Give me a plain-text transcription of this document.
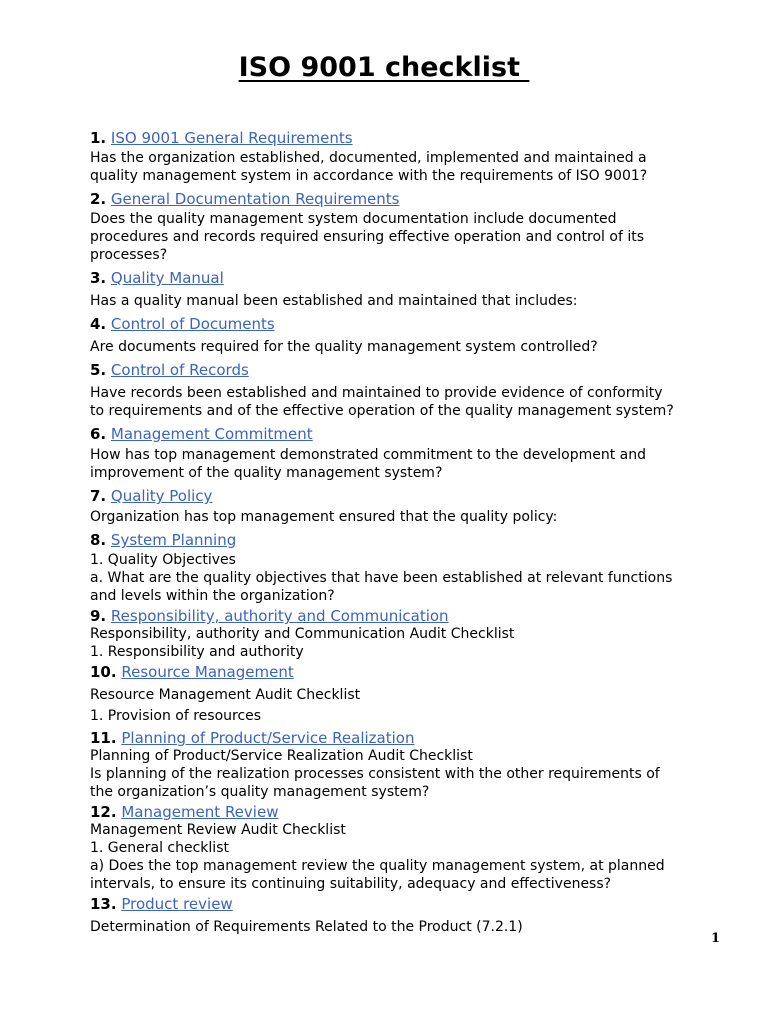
ISO 9001 checklist
1. ISO 9001 General Requirements
Has the organization established, documented, implemented and maintained a
quality management system in accordance with the requirements of ISO 9001?
2. General Documentation Requirements
Does the quality management system documentation include documented
procedures and records required ensuring effective operation and control of its
processes?
3. Quality Manual
Has a quality manual been established and maintained that includes:
4. Control of Documents
Are documents required for the quality management system controlled?
5. Control of Records
Have records been established and maintained to provide evidence of conformity
to requirements and of the effective operation of the quality management system?
6. Management Commitment
How has top management demonstrated commitment to the development and
improvement of the quality management system?
7. Quality Policy
Organization has top management ensured that the quality policy:
8. System Planning
1. Quality Objectives
a. What are the quality objectives that have been established at relevant functions
and levels within the organization?
9. Responsibility, authority and Communication
Responsibility, authority and Communication Audit Checklist
1. Responsibility and authority
10. Resource Management
Resource Management Audit Checklist
1. Provision of resources
11. Planning of Product/Service Realization
Planning of Product/Service Realization Audit Checklist
Is planning of the realization processes consistent with the other requirements of
the organization’s quality management system?
12. Management Review
Management Review Audit Checklist
1. General checklist
a) Does the top management review the quality management system, at planned
intervals, to ensure its continuing suitability, adequacy and effectiveness?
13. Product review
Determination of Requirements Related to the Product (7.2.1)
1
